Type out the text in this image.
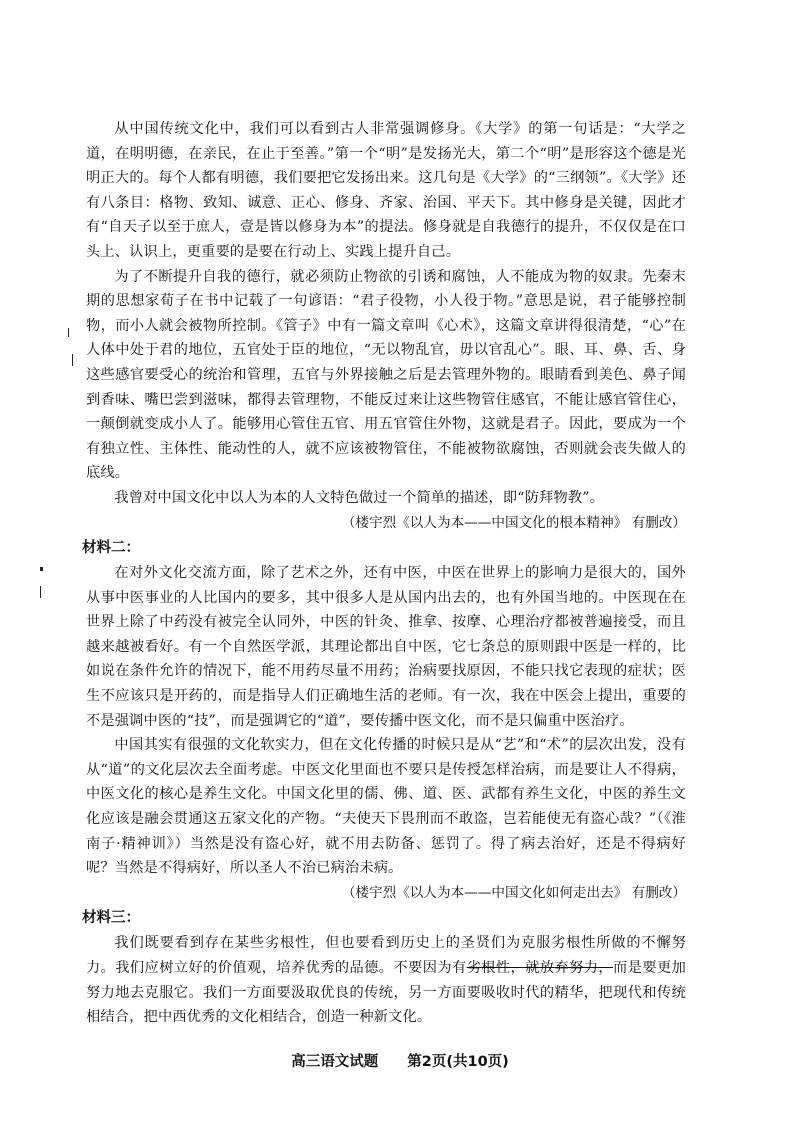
从中国传统文化中，我们可以看到古人非常强调修身。《大学》的第一句话是：“大学之道，在明明德，在亲民，在止于至善。”第一个“明”是发扬光大，第二个“明”是形容这个德是光明正大的。每个人都有明德，我们要把它发扬出来。这几句是《大学》的“三纲领”。《大学》还有八条目：格物、致知、诚意、正心、修身、齐家、治国、平天下。其中修身是关键，因此才有“自天子以至于庶人，壹是皆以修身为本”的提法。修身就是自我德行的提升，不仅仅是在口头上、认识上，更重要的是要在行动上、实践上提升自己。

为了不断提升自我的德行，就必须防止物欲的引诱和腐蚀，人不能成为物的奴隶。先秦末期的思想家荀子在书中记载了一句谚语：“君子役物，小人役于物。”意思是说，君子能够控制物，而小人就会被物所控制。《管子》中有一篇文章叫《心术》，这篇文章讲得很清楚，“心”在人体中处于君的地位，五官处于臣的地位，“无以物乱官，毋以官乱心”。眼、耳、鼻、舌、身这些感官要受心的统治和管理，五官与外界接触之后是去管理外物的。眼睛看到美色、鼻子闻到香味、嘴巴尝到滋味，都得去管理物，不能反过来让这些物管住感官，不能让感官管住心，一颠倒就变成小人了。能够用心管住五官、用五官管住外物，这就是君子。因此，要成为一个有独立性、主体性、能动性的人，就不应该被物管住，不能被物欲腐蚀，否则就会丧失做人的底线。

我曾对中国文化中以人为本的人文特色做过一个简单的描述，即“防拜物教”。

（楼宇烈《以人为本——中国文化的根本精神》 有删改）

材料二：

在对外文化交流方面，除了艺术之外，还有中医，中医在世界上的影响力是很大的，国外从事中医事业的人比国内的要多，其中很多人是从国内出去的，也有外国当地的。中医现在在世界上除了中药没有被完全认同外，中医的针灸、推拿、按摩、心理治疗都被普遍接受，而且越来越被看好。有一个自然医学派，其理论都出自中医，它七条总的原则跟中医是一样的，比如说在条件允许的情况下，能不用药尽量不用药；治病要找原因，不能只找它表现的症状；医生不应该只是开药的，而是指导人们正确地生活的老师。有一次，我在中医会上提出，重要的不是强调中医的“技”，而是强调它的“道”，要传播中医文化，而不是只偏重中医治疗。

中国其实有很强的文化软实力，但在文化传播的时候只是从“艺”和“术”的层次出发，没有从“道”的文化层次去全面考虑。中医文化里面也不要只是传授怎样治病，而是要让人不得病，中医文化的核心是养生文化。中国文化里的儒、佛、道、医、武都有养生文化，中医的养生文化应该是融会贯通这五家文化的产物。“夫使天下畏刑而不敢盗，岂若能使无有盗心哉？”（《淮南子·精神训》）当然是没有盗心好，就不用去防备、惩罚了。得了病去治好，还是不得病好呢？当然是不得病好，所以圣人不治已病治未病。

（楼宇烈《以人为本——中国文化如何走出去》 有删改）

材料三：

我们既要看到存在某些劣根性，但也要看到历史上的圣贤们为克服劣根性所做的不懈努力。我们应树立好的价值观，培养优秀的品德。不要因为有劣根性，就放弃努力，而是要更加努力地去克服它。我们一方面要汲取优良的传统，另一方面要吸收时代的精华，把现代和传统相结合，把中西优秀的文化相结合，创造一种新文化。

高三语文试题 第2页(共10页)
